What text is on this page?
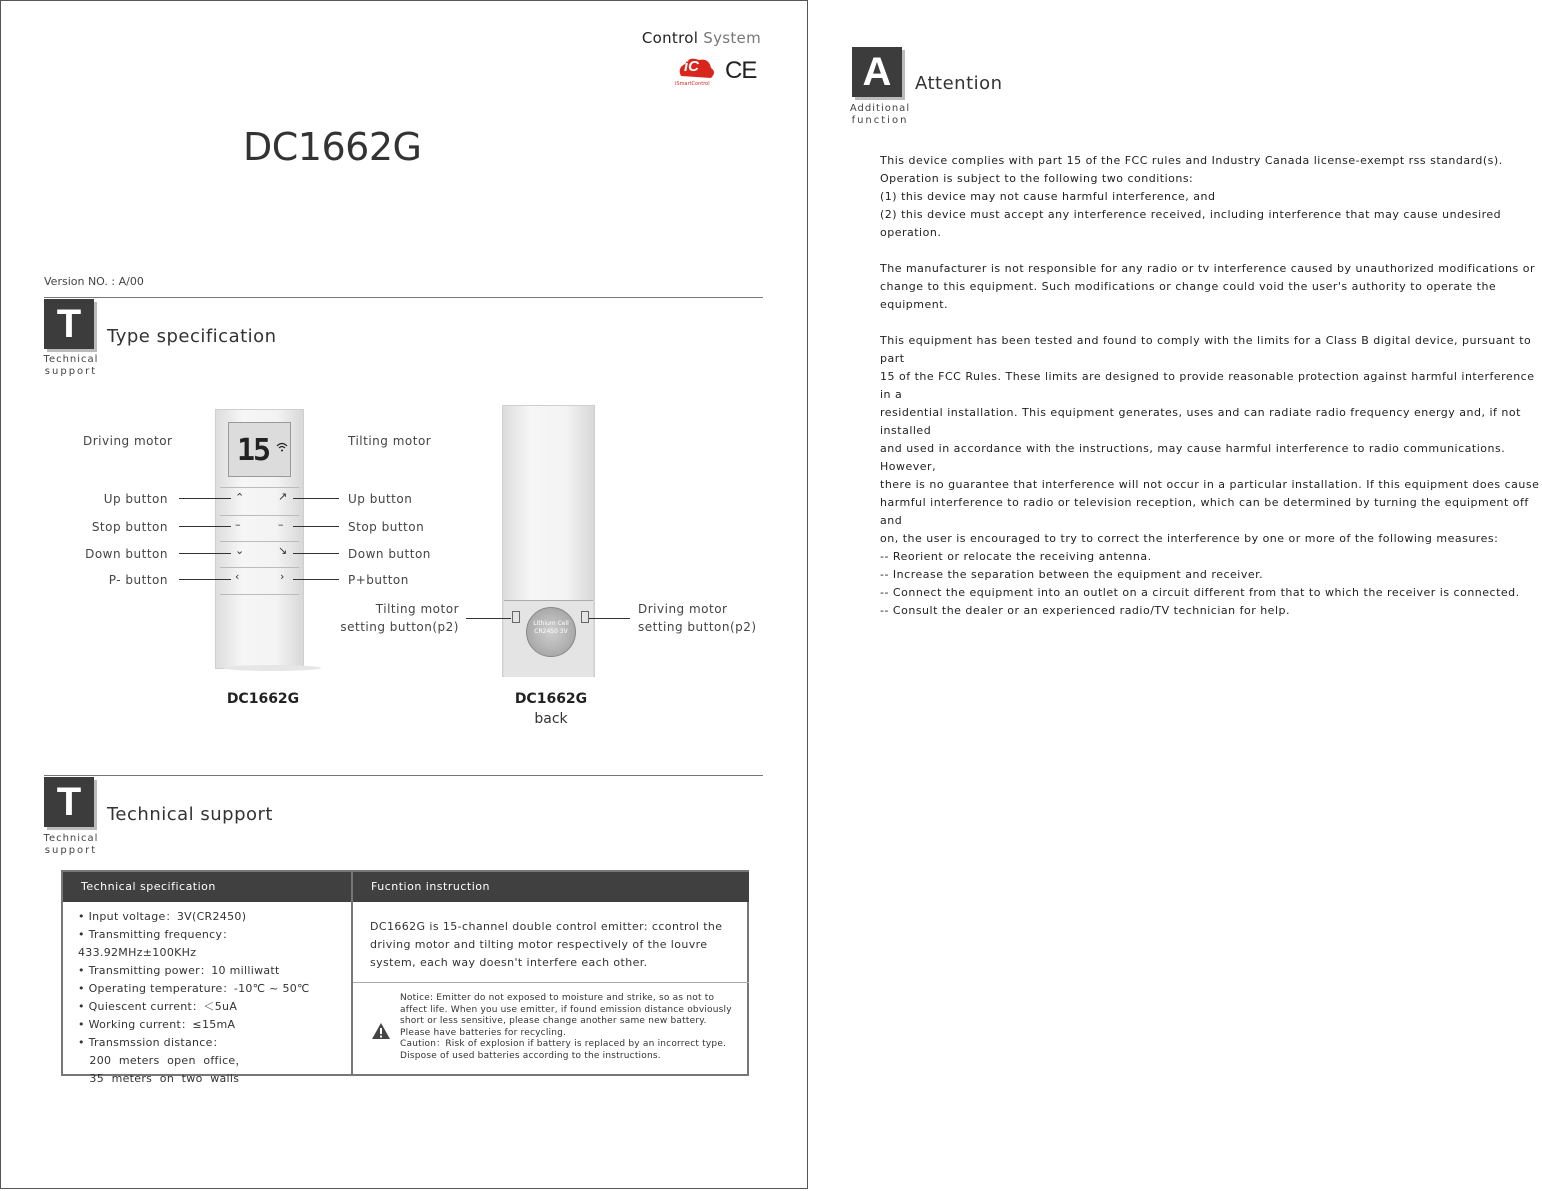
Control System
iC
iSmartControl CE
DC1662G
Version NO. : A/00
T
Technical
support
Type specification
15
⌃
–
⌄
‹
↗
–
↘
›
Driving motor	Tilting motor
Up button
Stop button
Down button
P- button
Up button
Stop button
Down button
P+button
Lithium Cell CR2450 3V
Tilting motor
setting button(p2)
Driving motor
setting button(p2)
DC1662G	DC1662G
back
T
Technical
support
Technical support
Technical specification	Fucntion instruction
• Input voltage：3V(CR2450)
• Transmitting frequency：433.92MHz±100KHz
• Transmitting power：10 milliwatt
• Operating temperature：-10℃ ~ 50℃
• Quiescent current：＜5uA
• Working current：≤15mA
• Transmssion distance：
200  meters  open  office，
35  meters  on  two  walls
DC1662G is 15-channel double control emitter: ccontrol the
driving motor and tilting motor respectively of the louvre
system, each way doesn't interfere each other.
Notice: Emitter do not exposed to moisture and strike, so as not to
affect life. When you use emitter, if found emission distance obviously
short or less sensitive, please change another same new battery.
Please have batteries for recycling.
Caution：Risk of explosion if battery is replaced by an incorrect type.
Dispose of used batteries according to the instructions.
A
Additional
function
Attention
This device complies with part 15 of the FCC rules and Industry Canada license-exempt rss standard(s).
Operation is subject to the following two conditions:
(1) this device may not cause harmful interference, and
(2) this device must accept any interference received, including interference that may cause undesired operation.
The manufacturer is not responsible for any radio or tv interference caused by unauthorized modifications or
change to this equipment. Such modifications or change could void the user's authority to operate the equipment.
This equipment has been tested and found to comply with the limits for a Class B digital device, pursuant to part
15 of the FCC Rules. These limits are designed to provide reasonable protection against harmful interference in a
residential installation. This equipment generates, uses and can radiate radio frequency energy and, if not installed
and used in accordance with the instructions, may cause harmful interference to radio communications. However,
there is no guarantee that interference will not occur in a particular installation. If this equipment does cause
harmful interference to radio or television reception, which can be determined by turning the equipment off and
on, the user is encouraged to try to correct the interference by one or more of the following measures:
-- Reorient or relocate the receiving antenna.
-- Increase the separation between the equipment and receiver.
-- Connect the equipment into an outlet on a circuit different from that to which the receiver is connected.
-- Consult the dealer or an experienced radio/TV technician for help.
